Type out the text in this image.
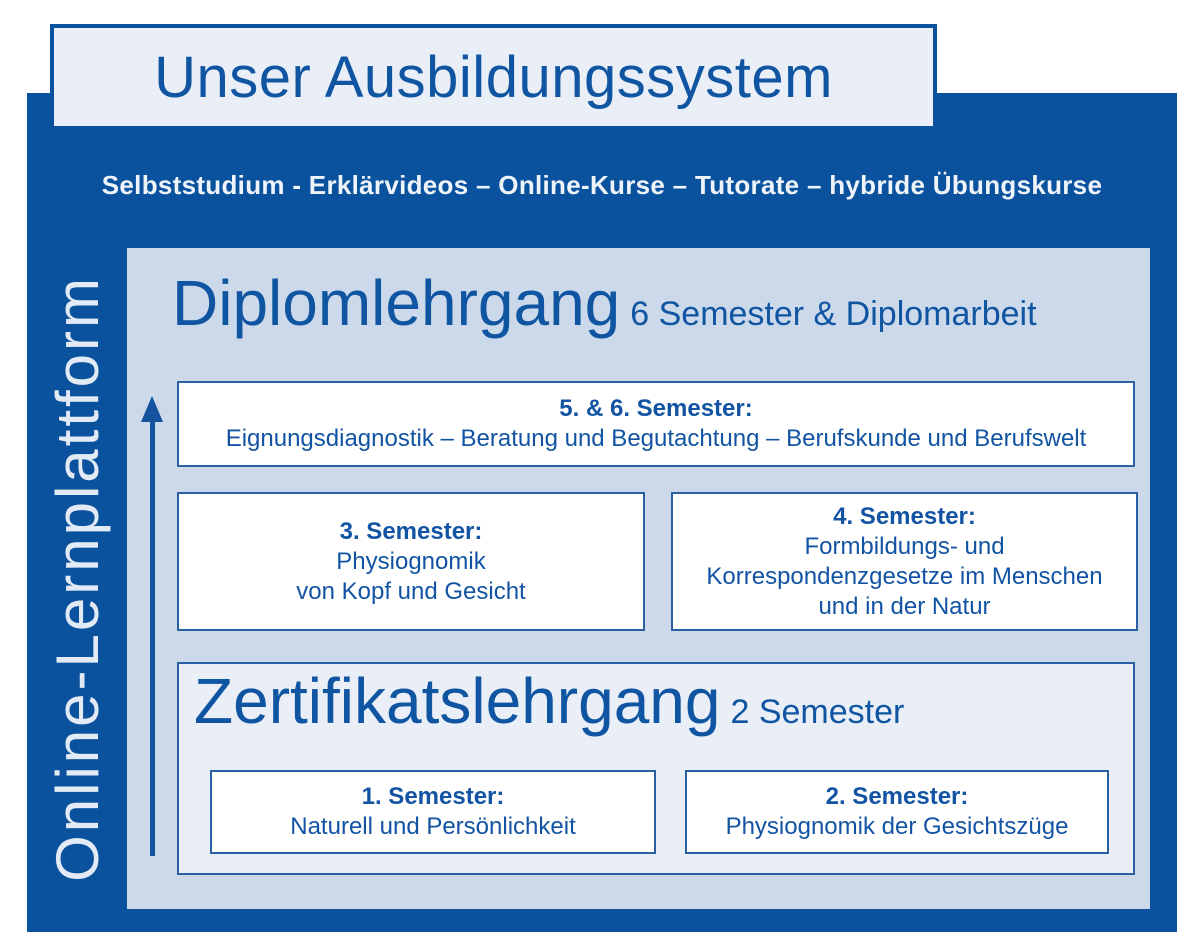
Unser Ausbildungssystem
Selbststudium - Erklärvideos – Online-Kurse – Tutorate – hybride Übungskurse
Online-Lernplattform Diplomlehrgang 6 Semester & Diplomarbeit
5. & 6. Semester:
Eignungsdiagnostik – Beratung und Begutachtung – Berufskunde und Berufswelt
3. Semester:
Physiognomik
von Kopf und Gesicht
4. Semester:
Formbildungs- und
Korrespondenzgesetze im Menschen
und in der Natur
Zertifikatslehrgang 2 Semester
1. Semester:
Naturell und Persönlichkeit
2. Semester:
Physiognomik der Gesichtszüge
